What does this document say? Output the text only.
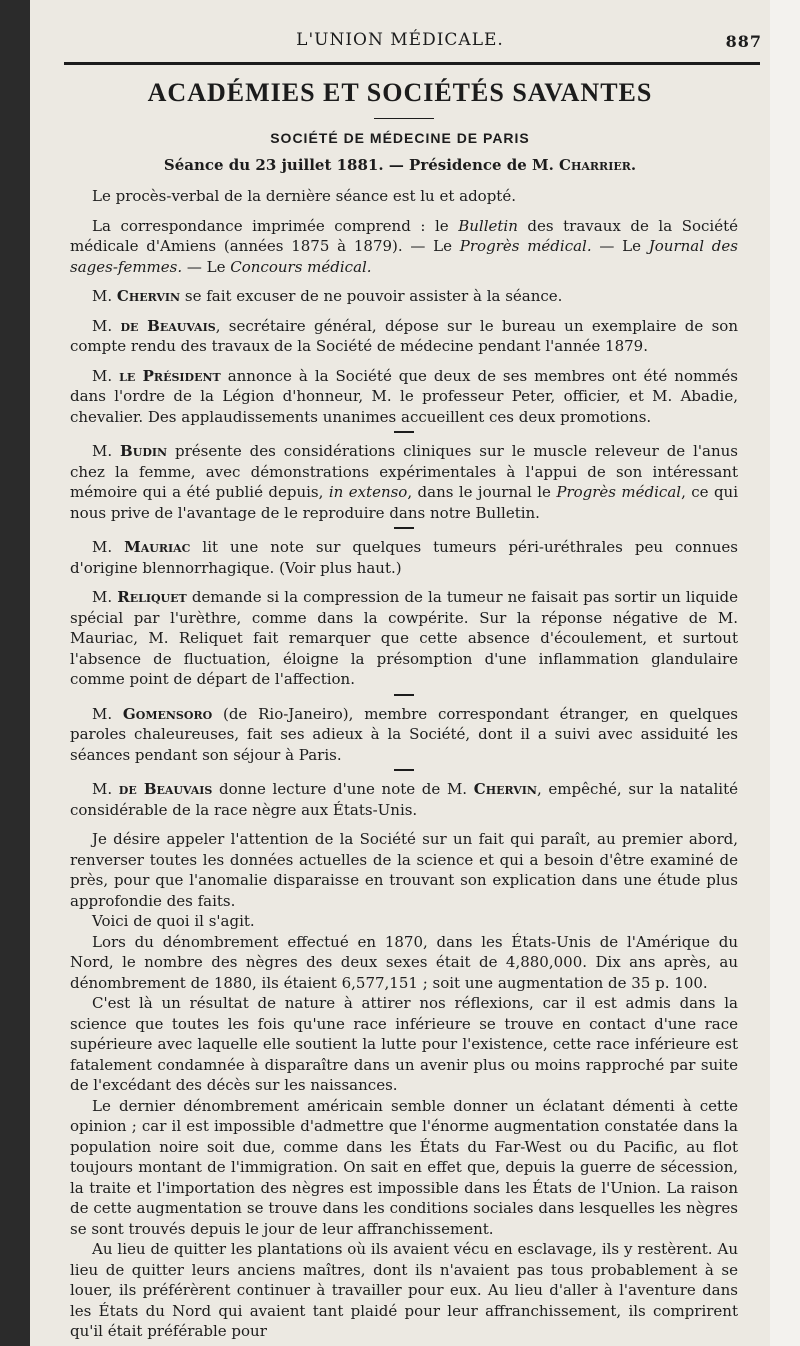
L'UNION MÉDICALE.	887
ACADÉMIES ET SOCIÉTÉS SAVANTES
SOCIÉTÉ DE MÉDECINE DE PARIS
Séance du 23 juillet 1881. — Présidence de M. Charrier.

Le procès-verbal de la dernière séance est lu et adopté.

La correspondance imprimée comprend : le Bulletin des travaux de la Société médicale d'Amiens (années 1875 à 1879). — Le Progrès médical. — Le Journal des sages-femmes. — Le Concours médical.

M. Chervin se fait excuser de ne pouvoir assister à la séance.

M. de Beauvais, secrétaire général, dépose sur le bureau un exemplaire de son compte rendu des travaux de la Société de médecine pendant l'année 1879.

M. le Président annonce à la Société que deux de ses membres ont été nommés dans l'ordre de la Légion d'honneur, M. le professeur Peter, officier, et M. Abadie, chevalier. Des applaudissements unanimes accueillent ces deux promotions.

M. Budin présente des considérations cliniques sur le muscle releveur de l'anus chez la femme, avec démonstrations expérimentales à l'appui de son intéressant mémoire qui a été publié depuis, in extenso, dans le journal le Progrès médical, ce qui nous prive de l'avantage de le reproduire dans notre Bulletin.

M. Mauriac lit une note sur quelques tumeurs péri-uréthrales peu connues d'origine blennorrhagique. (Voir plus haut.)

M. Reliquet demande si la compression de la tumeur ne faisait pas sortir un liquide spécial par l'urèthre, comme dans la cowpérite. Sur la réponse négative de M. Mauriac, M. Reliquet fait remarquer que cette absence d'écoulement, et surtout l'absence de fluctuation, éloigne la présomption d'une inflammation glandulaire comme point de départ de l'affection.

M. Gomensoro (de Rio-Janeiro), membre correspondant étranger, en quelques paroles chaleureuses, fait ses adieux à la Société, dont il a suivi avec assiduité les séances pendant son séjour à Paris.

M. de Beauvais donne lecture d'une note de M. Chervin, empêché, sur la natalité considérable de la race nègre aux États-Unis.

Je désire appeler l'attention de la Société sur un fait qui paraît, au premier abord, renverser toutes les données actuelles de la science et qui a besoin d'être examiné de près, pour que l'anomalie disparaisse en trouvant son explication dans une étude plus approfondie des faits.

Voici de quoi il s'agit.

Lors du dénombrement effectué en 1870, dans les États-Unis de l'Amérique du Nord, le nombre des nègres des deux sexes était de 4,880,000. Dix ans après, au dénombrement de 1880, ils étaient 6,577,151 ; soit une augmentation de 35 p. 100.

C'est là un résultat de nature à attirer nos réflexions, car il est admis dans la science que toutes les fois qu'une race inférieure se trouve en contact d'une race supérieure avec laquelle elle soutient la lutte pour l'existence, cette race inférieure est fatalement condamnée à disparaître dans un avenir plus ou moins rapproché par suite de l'excédant des décès sur les naissances.

Le dernier dénombrement américain semble donner un éclatant démenti à cette opinion ; car il est impossible d'admettre que l'énorme augmentation constatée dans la population noire soit due, comme dans les États du Far-West ou du Pacific, au flot toujours montant de l'immigration. On sait en effet que, depuis la guerre de sécession, la traite et l'importation des nègres est impossible dans les États de l'Union. La raison de cette augmentation se trouve dans les conditions sociales dans lesquelles les nègres se sont trouvés depuis le jour de leur affranchissement.

Au lieu de quitter les plantations où ils avaient vécu en esclavage, ils y restèrent. Au lieu de quitter leurs anciens maîtres, dont ils n'avaient pas tous probablement à se louer, ils préférèrent continuer à travailler pour eux. Au lieu d'aller à l'aventure dans les États du Nord qui avaient tant plaidé pour leur affranchissement, ils comprirent qu'il était préférable pour
